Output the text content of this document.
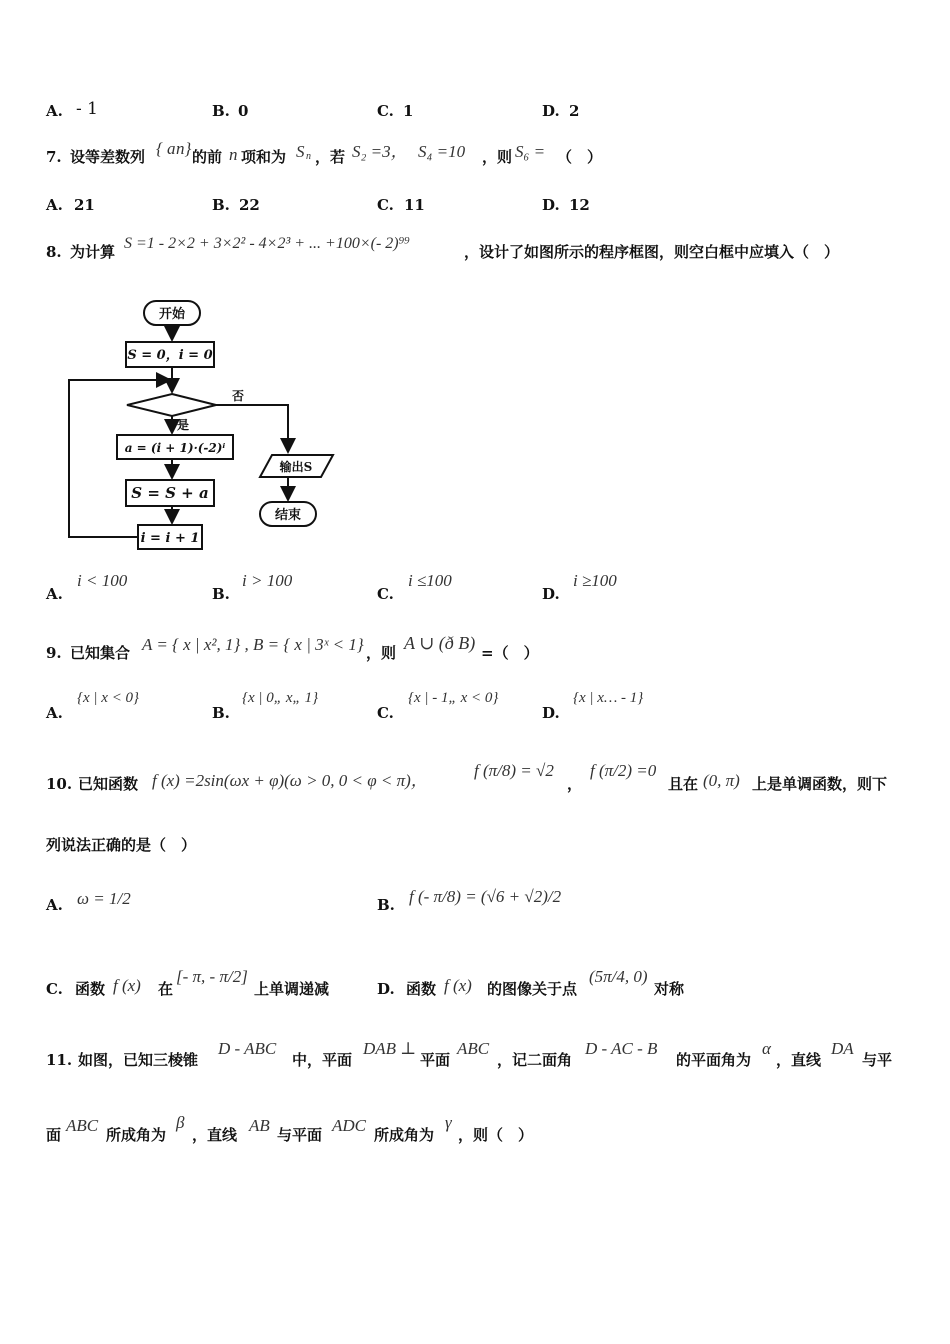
A. - 1	B. 0	C. 1	D. 2
7. 设等差数列 { a n} 的前 n 项和为 S n ，若 S₂ =3， S₄ =10 ，则 S₆ = （　）
A. 21	B. 22	C. 11	D. 12
8. 为计算 S =1 - 2×2 + 3×2² - 4×2³ + ... +100×(- 2)⁹⁹	，设计了如图所示的程序框图，则空白框中应填入（　）
开始
S = 0，i = 0
否
是
a = (i + 1)·(-2)ⁱ
S = S + a
i = i + 1
输出S
结束
A.
i < 100
B.
i > 100
C.
i ≤100
D.
i ≥100
9. 已知集合 A = { x | x², 1} , B = { x | 3ˣ < 1} ，则 A ∪ (ð B) =（　）
A.
{x | x < 0}
B.
{x | 0„ x„ 1}
C.
{x | - 1„ x < 0}
D.
{x | x… - 1}
10. 已知函数 f (x) =2sin(ωx + φ)(ω > 0, 0 < φ < π)，
f (π/8) = √2
，
f (π/2) =0
且在 (0, π) 上是单调函数，则下
列说法正确的是（　）
A. ω = 1/2	B. f (- π/8) = (√6 + √2)/2
C. 函数 f (x) 在
[- π, - π/2]
上单调递减	D. 函数 f (x) 的图像关于点
(5π/4, 0)
对称
11. 如图，已知三棱锥
D - ABC
中，平面
DAB ⊥
平面
ABC
，记二面角
D - AC - B
的平面角为
α
，直线
DA
与平
面 ABC 所成角为
β
，直线 AB 与平面 ADC 所成角为
γ
，则（　）
